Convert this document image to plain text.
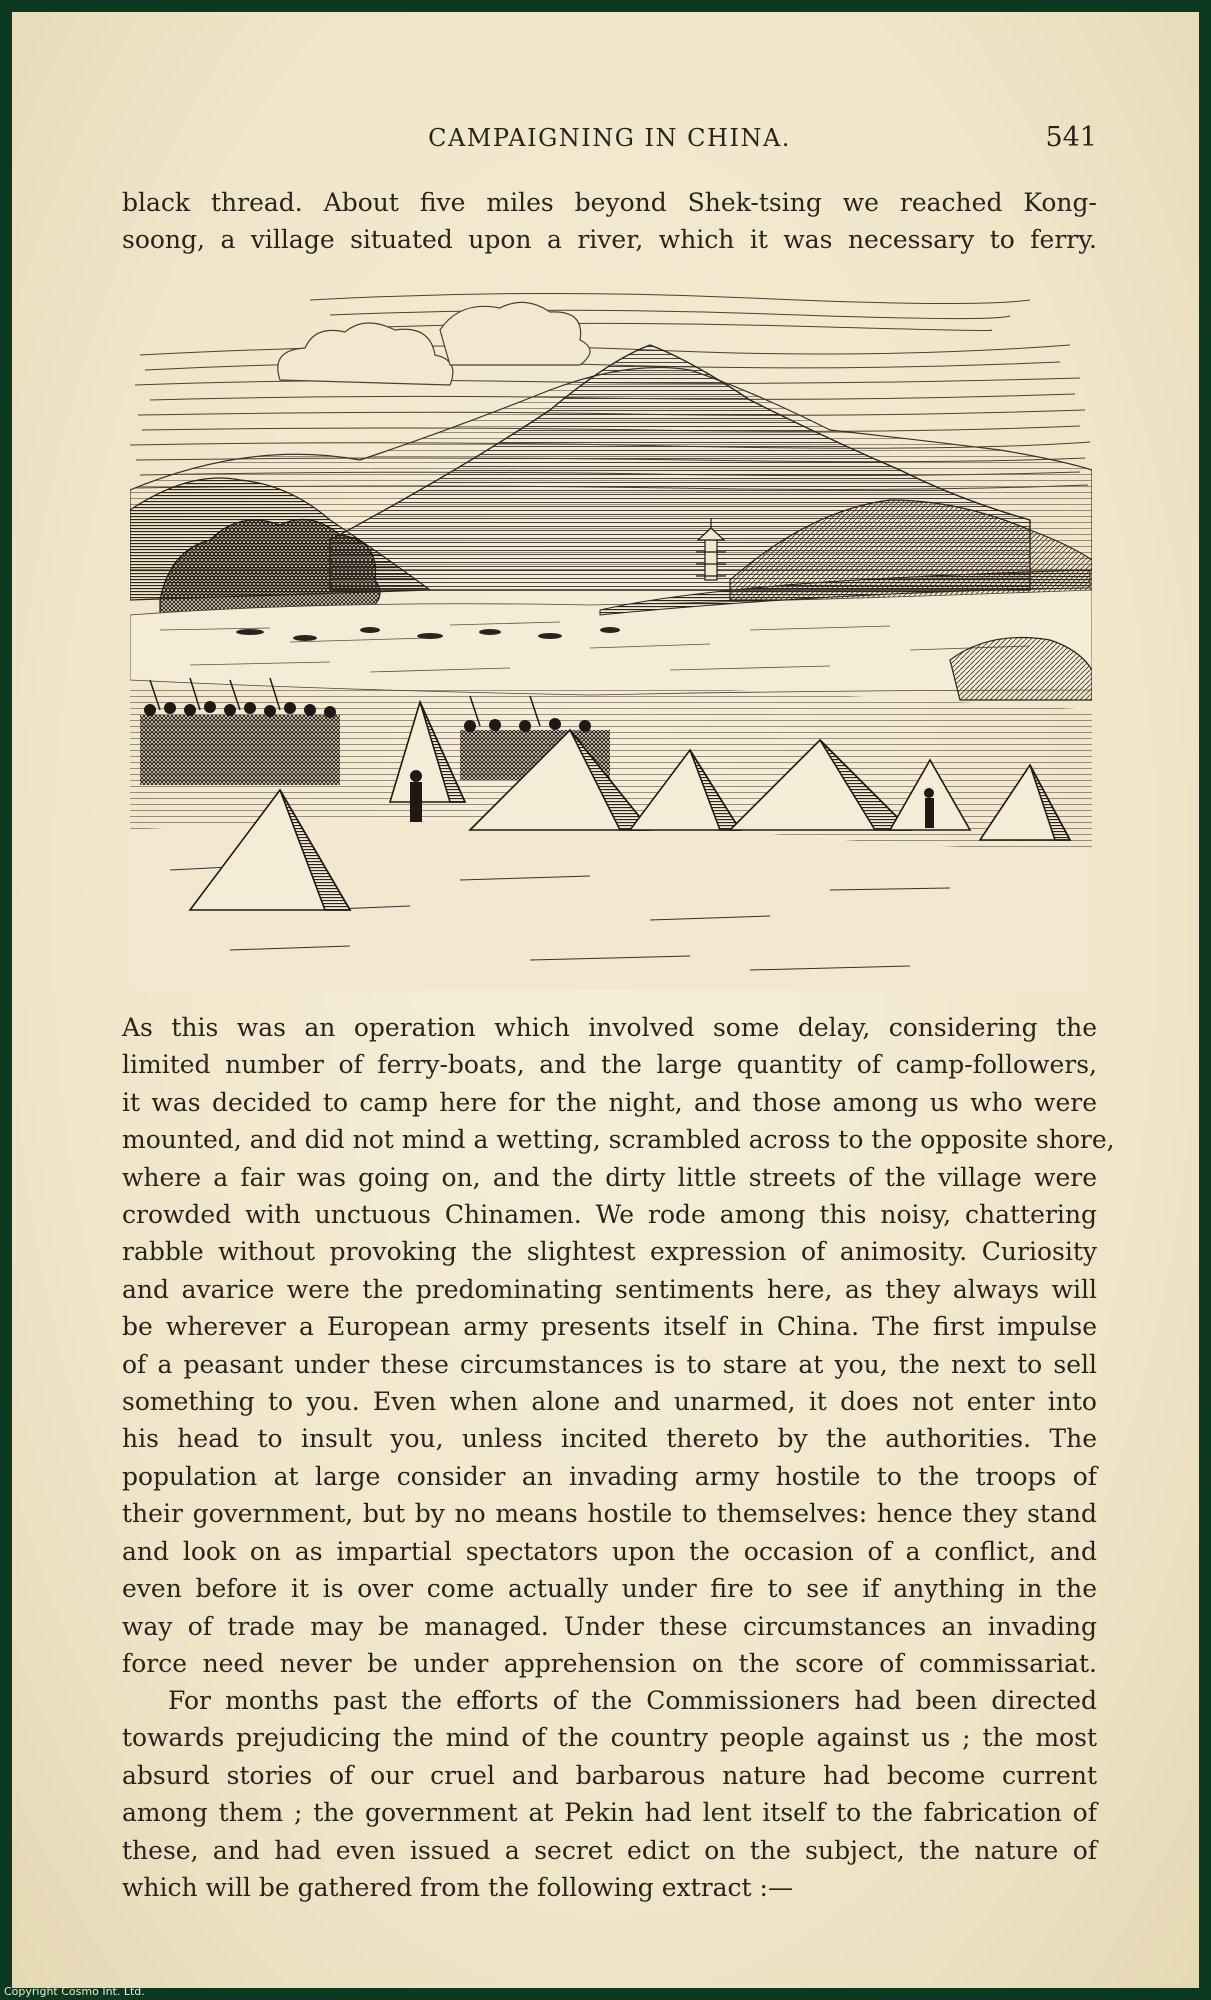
CAMPAIGNING IN CHINA.	541

black thread. About five miles beyond Shek-tsing we reached Kong-
soong, a village situated upon a river, which it was necessary to ferry.

As this was an operation which involved some delay, considering the
limited number of ferry-boats, and the large quantity of camp-followers,
it was decided to camp here for the night, and those among us who were
mounted, and did not mind a wetting, scrambled across to the opposite shore,
where a fair was going on, and the dirty little streets of the village were
crowded with unctuous Chinamen. We rode among this noisy, chattering
rabble without provoking the slightest expression of animosity. Curiosity
and avarice were the predominating sentiments here, as they always will
be wherever a European army presents itself in China. The first impulse
of a peasant under these circumstances is to stare at you, the next to sell
something to you. Even when alone and unarmed, it does not enter into
his head to insult you, unless incited thereto by the authorities. The
population at large consider an invading army hostile to the troops of
their government, but by no means hostile to themselves: hence they stand
and look on as impartial spectators upon the occasion of a conflict, and
even before it is over come actually under fire to see if anything in the
way of trade may be managed. Under these circumstances an invading
force need never be under apprehension on the score of commissariat.

For months past the efforts of the Commissioners had been directed
towards prejudicing the mind of the country people against us ; the most
absurd stories of our cruel and barbarous nature had become current
among them ; the government at Pekin had lent itself to the fabrication of
these, and had even issued a secret edict on the subject, the nature of
which will be gathered from the following extract :—

Copyright Cosmo Int. Ltd.
